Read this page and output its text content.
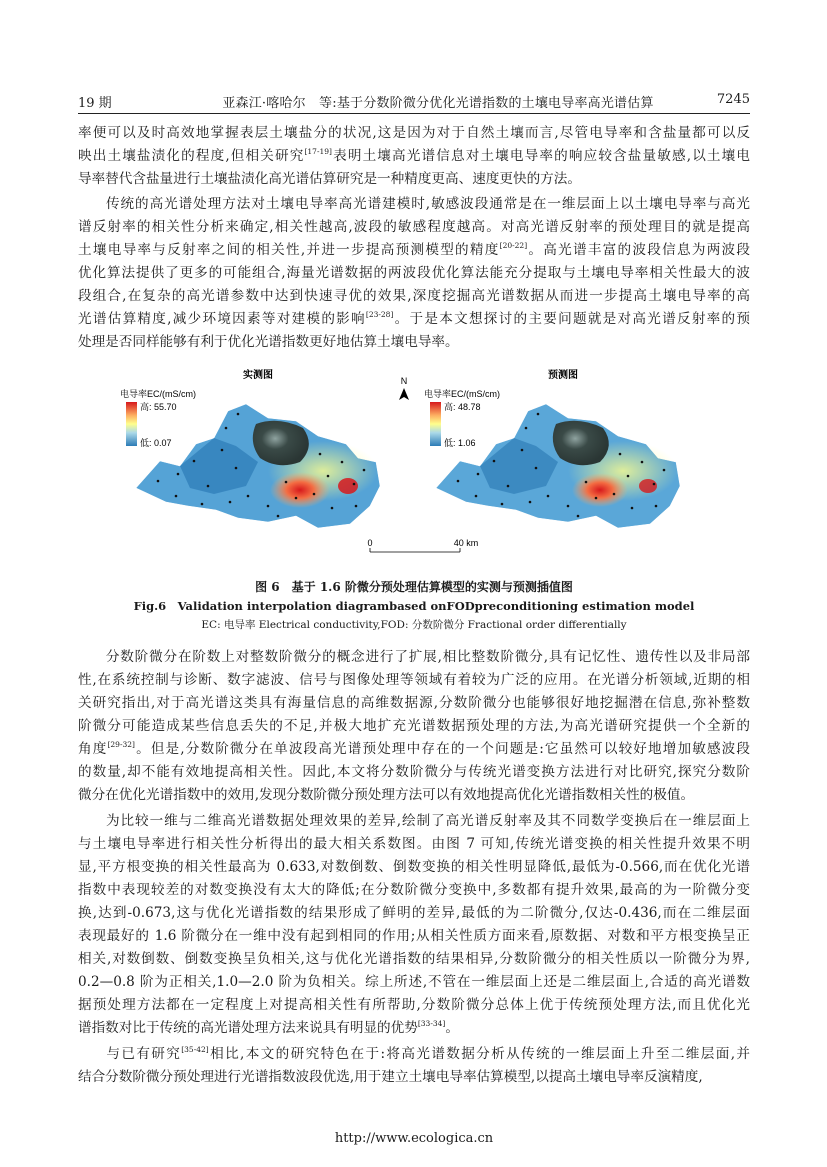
19 期	亚森江·喀哈尔　等:基于分数阶微分优化光谱指数的土壤电导率高光谱估算	7245
率便可以及时高效地掌握表层土壤盐分的状况,这是因为对于自然土壤而言,尽管电导率和含盐量都可以反
映出土壤盐渍化的程度,但相关研究[17-19]表明土壤高光谱信息对土壤电导率的响应较含盐量敏感,以土壤电
导率替代含盐量进行土壤盐渍化高光谱估算研究是一种精度更高、速度更快的方法。
传统的高光谱处理方法对土壤电导率高光谱建模时,敏感波段通常是在一维层面上以土壤电导率与高光
谱反射率的相关性分析来确定,相关性越高,波段的敏感程度越高。对高光谱反射率的预处理目的就是提高
土壤电导率与反射率之间的相关性,并进一步提高预测模型的精度[20-22]。高光谱丰富的波段信息为两波段
优化算法提供了更多的可能组合,海量光谱数据的两波段优化算法能充分提取与土壤电导率相关性最大的波
段组合,在复杂的高光谱参数中达到快速寻优的效果,深度挖掘高光谱数据从而进一步提高土壤电导率的高
光谱估算精度,减少环境因素等对建模的影响[23-28]。于是本文想探讨的主要问题就是对高光谱反射率的预
处理是否同样能够有利于优化光谱指数更好地估算土壤电导率。
实测图
电导率EC/(mS/cm)
高: 55.70
低: 0.07
N	预测图
电导率EC/(mS/cm)
高: 48.78
低: 1.06
0	40 km
图 6　基于 1.6 阶微分预处理估算模型的实测与预测插值图
Fig.6　Validation interpolation diagrambased onFODpreconditioning estimation model
EC: 电导率 Electrical conductivity,FOD: 分数阶微分 Fractional order differentially
分数阶微分在阶数上对整数阶微分的概念进行了扩展,相比整数阶微分,具有记忆性、遗传性以及非局部
性,在系统控制与诊断、数字滤波、信号与图像处理等领域有着较为广泛的应用。在光谱分析领域,近期的相
关研究指出,对于高光谱这类具有海量信息的高维数据源,分数阶微分也能够很好地挖掘潜在信息,弥补整数
阶微分可能造成某些信息丢失的不足,并极大地扩充光谱数据预处理的方法,为高光谱研究提供一个全新的
角度[29-32]。但是,分数阶微分在单波段高光谱预处理中存在的一个问题是:它虽然可以较好地增加敏感波段
的数量,却不能有效地提高相关性。因此,本文将分数阶微分与传统光谱变换方法进行对比研究,探究分数阶
微分在优化光谱指数中的效用,发现分数阶微分预处理方法可以有效地提高优化光谱指数相关性的极值。
为比较一维与二维高光谱数据处理效果的差异,绘制了高光谱反射率及其不同数学变换后在一维层面上
与土壤电导率进行相关性分析得出的最大相关系数图。由图 7 可知,传统光谱变换的相关性提升效果不明
显,平方根变换的相关性最高为 0.633,对数倒数、倒数变换的相关性明显降低,最低为-0.566,而在优化光谱
指数中表现较差的对数变换没有太大的降低;在分数阶微分变换中,多数都有提升效果,最高的为一阶微分变
换,达到-0.673,这与优化光谱指数的结果形成了鲜明的差异,最低的为二阶微分,仅达-0.436,而在二维层面
表现最好的 1.6 阶微分在一维中没有起到相同的作用;从相关性质方面来看,原数据、对数和平方根变换呈正
相关,对数倒数、倒数变换呈负相关,这与优化光谱指数的结果相异,分数阶微分的相关性质以一阶微分为界,
0.2—0.8 阶为正相关,1.0—2.0 阶为负相关。综上所述,不管在一维层面上还是二维层面上,合适的高光谱数
据预处理方法都在一定程度上对提高相关性有所帮助,分数阶微分总体上优于传统预处理方法,而且优化光
谱指数对比于传统的高光谱处理方法来说具有明显的优势[33-34]。
与已有研究[35-42]相比,本文的研究特色在于:将高光谱数据分析从传统的一维层面上升至二维层面,并
结合分数阶微分预处理进行光谱指数波段优选,用于建立土壤电导率估算模型,以提高土壤电导率反演精度,
http://www.ecologica.cn
